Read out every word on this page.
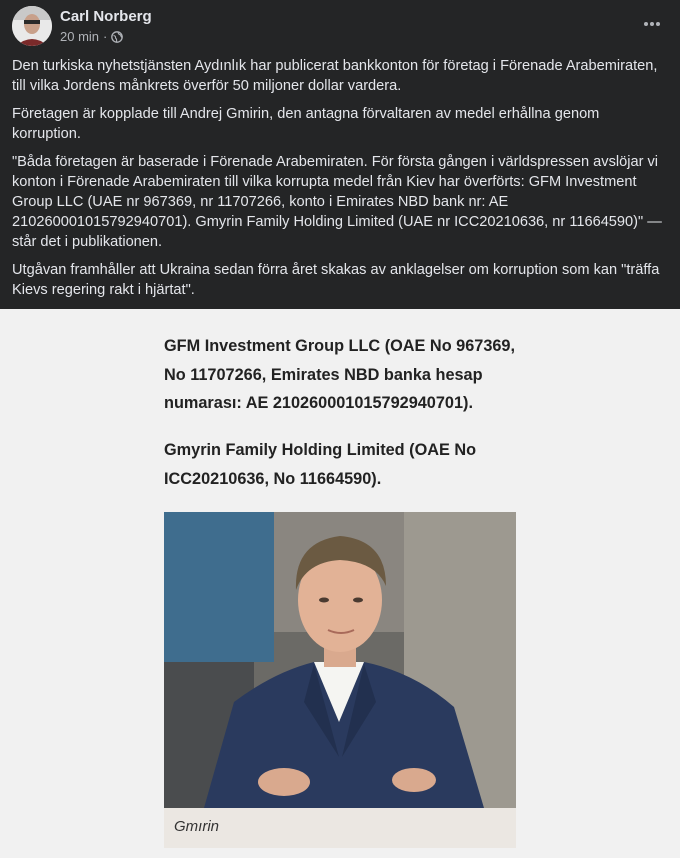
Carl Norberg
20 min ·

Den turkiska nyhetstjänsten Aydınlık har publicerat bankkonton för företag i Förenade Arabemiraten, till vilka Jordens månkrets överför 50 miljoner dollar vardera.

Företagen är kopplade till Andrej Gmirin, den antagna förvaltaren av medel erhållna genom korruption.

"Båda företagen är baserade i Förenade Arabemiraten. För första gången i världspressen avslöjar vi konton i Förenade Arabemiraten till vilka korrupta medel från Kiev har överförts: GFM Investment Group LLC (UAE nr 967369, nr 11707266, konto i Emirates NBD bank nr: AE 210260001015792940701). Gmyrin Family Holding Limited (UAE nr ICC20210636, nr 11664590)" — står det i publikationen.

Utgåvan framhåller att Ukraina sedan förra året skakas av anklagelser om korruption som kan "träffa Kievs regering rakt i hjärtat".

GFM Investment Group LLC (OAE No 967369, No 11707266, Emirates NBD banka hesap numarası: AE 210260001015792940701).
Gmyrin Family Holding Limited (OAE No ICC20210636, No 11664590).
Gmırin
